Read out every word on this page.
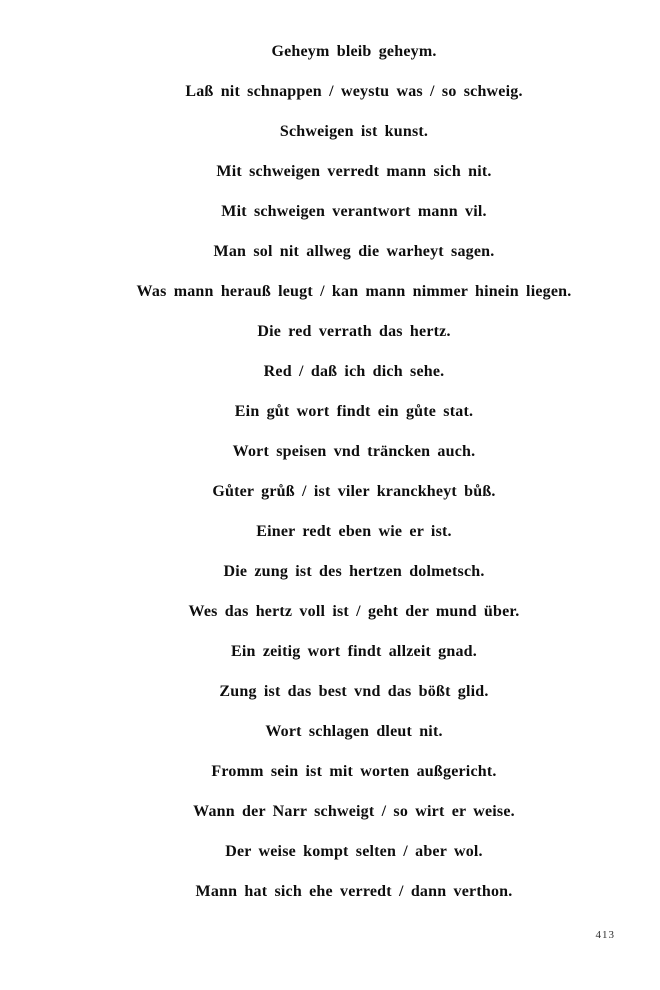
Geheym bleib geheym.
Laß nit schnappen / weystu was / so schweig.
Schweigen ist kunst.
Mit schweigen verredt mann sich nit.
Mit schweigen verantwort mann vil.
Man sol nit allweg die warheyt sagen.
Was mann herauß leugt / kan mann nimmer hinein liegen.
Die red verrath das hertz.
Red / daß ich dich sehe.
Ein gůt wort findt ein gůte stat.
Wort speisen vnd träncken auch.
Gůter grůß / ist viler kranckheyt bůß.
Einer redt eben wie er ist.
Die zung ist des hertzen dolmetsch.
Wes das hertz voll ist / geht der mund über.
Ein zeitig wort findt allzeit gnad.
Zung ist das best vnd das bößt glid.
Wort schlagen dleut nit.
Fromm sein ist mit worten außgericht.
Wann der Narr schweigt / so wirt er weise.
Der weise kompt selten / aber wol.
Mann hat sich ehe verredt / dann verthon.
413
